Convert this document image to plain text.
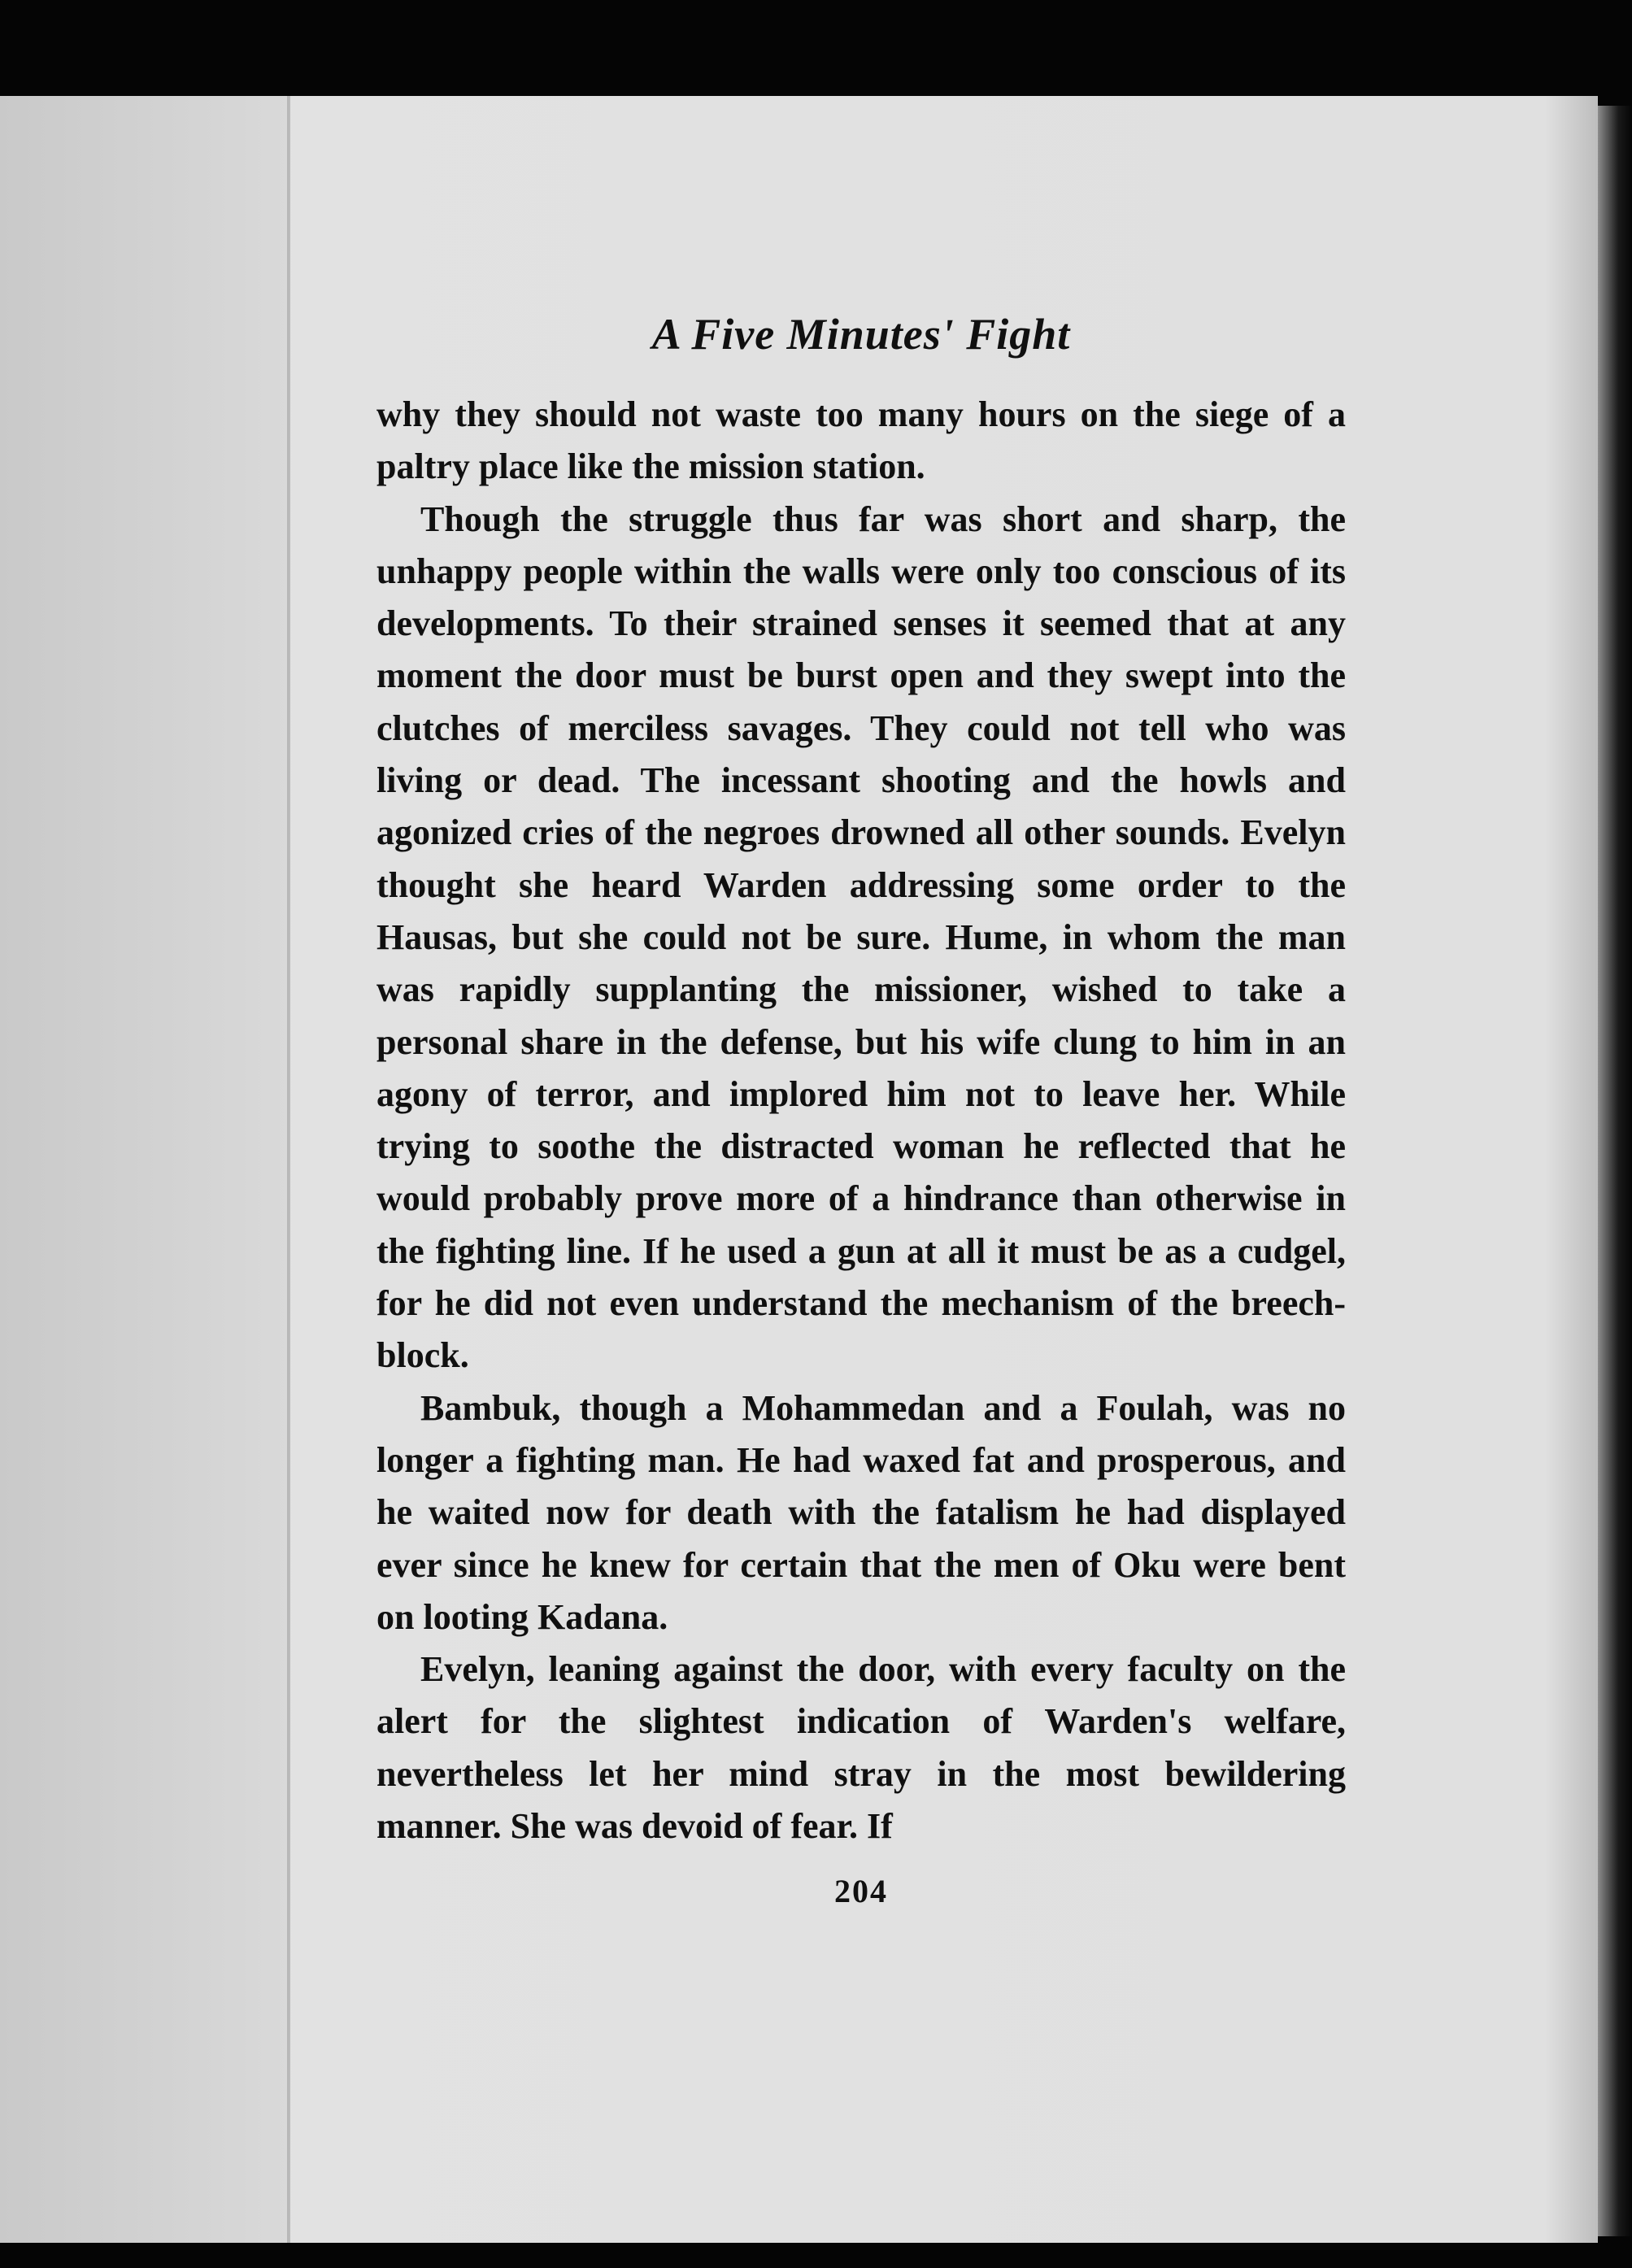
A Five Minutes' Fight

why they should not waste too many hours on the siege of a paltry place like the mission station.

Though the struggle thus far was short and sharp, the unhappy people within the walls were only too conscious of its developments. To their strained senses it seemed that at any moment the door must be burst open and they swept into the clutches of merciless savages. They could not tell who was living or dead. The incessant shooting and the howls and agonized cries of the negroes drowned all other sounds. Evelyn thought she heard Warden addressing some order to the Hausas, but she could not be sure. Hume, in whom the man was rapidly supplanting the missioner, wished to take a personal share in the defense, but his wife clung to him in an agony of terror, and implored him not to leave her. While trying to soothe the distracted woman he reflected that he would probably prove more of a hindrance than otherwise in the fighting line. If he used a gun at all it must be as a cudgel, for he did not even understand the mechanism of the breech-block.

Bambuk, though a Mohammedan and a Foulah, was no longer a fighting man. He had waxed fat and prosperous, and he waited now for death with the fatalism he had displayed ever since he knew for certain that the men of Oku were bent on looting Kadana.

Evelyn, leaning against the door, with every faculty on the alert for the slightest indication of Warden's welfare, nevertheless let her mind stray in the most bewildering manner. She was devoid of fear. If

204
